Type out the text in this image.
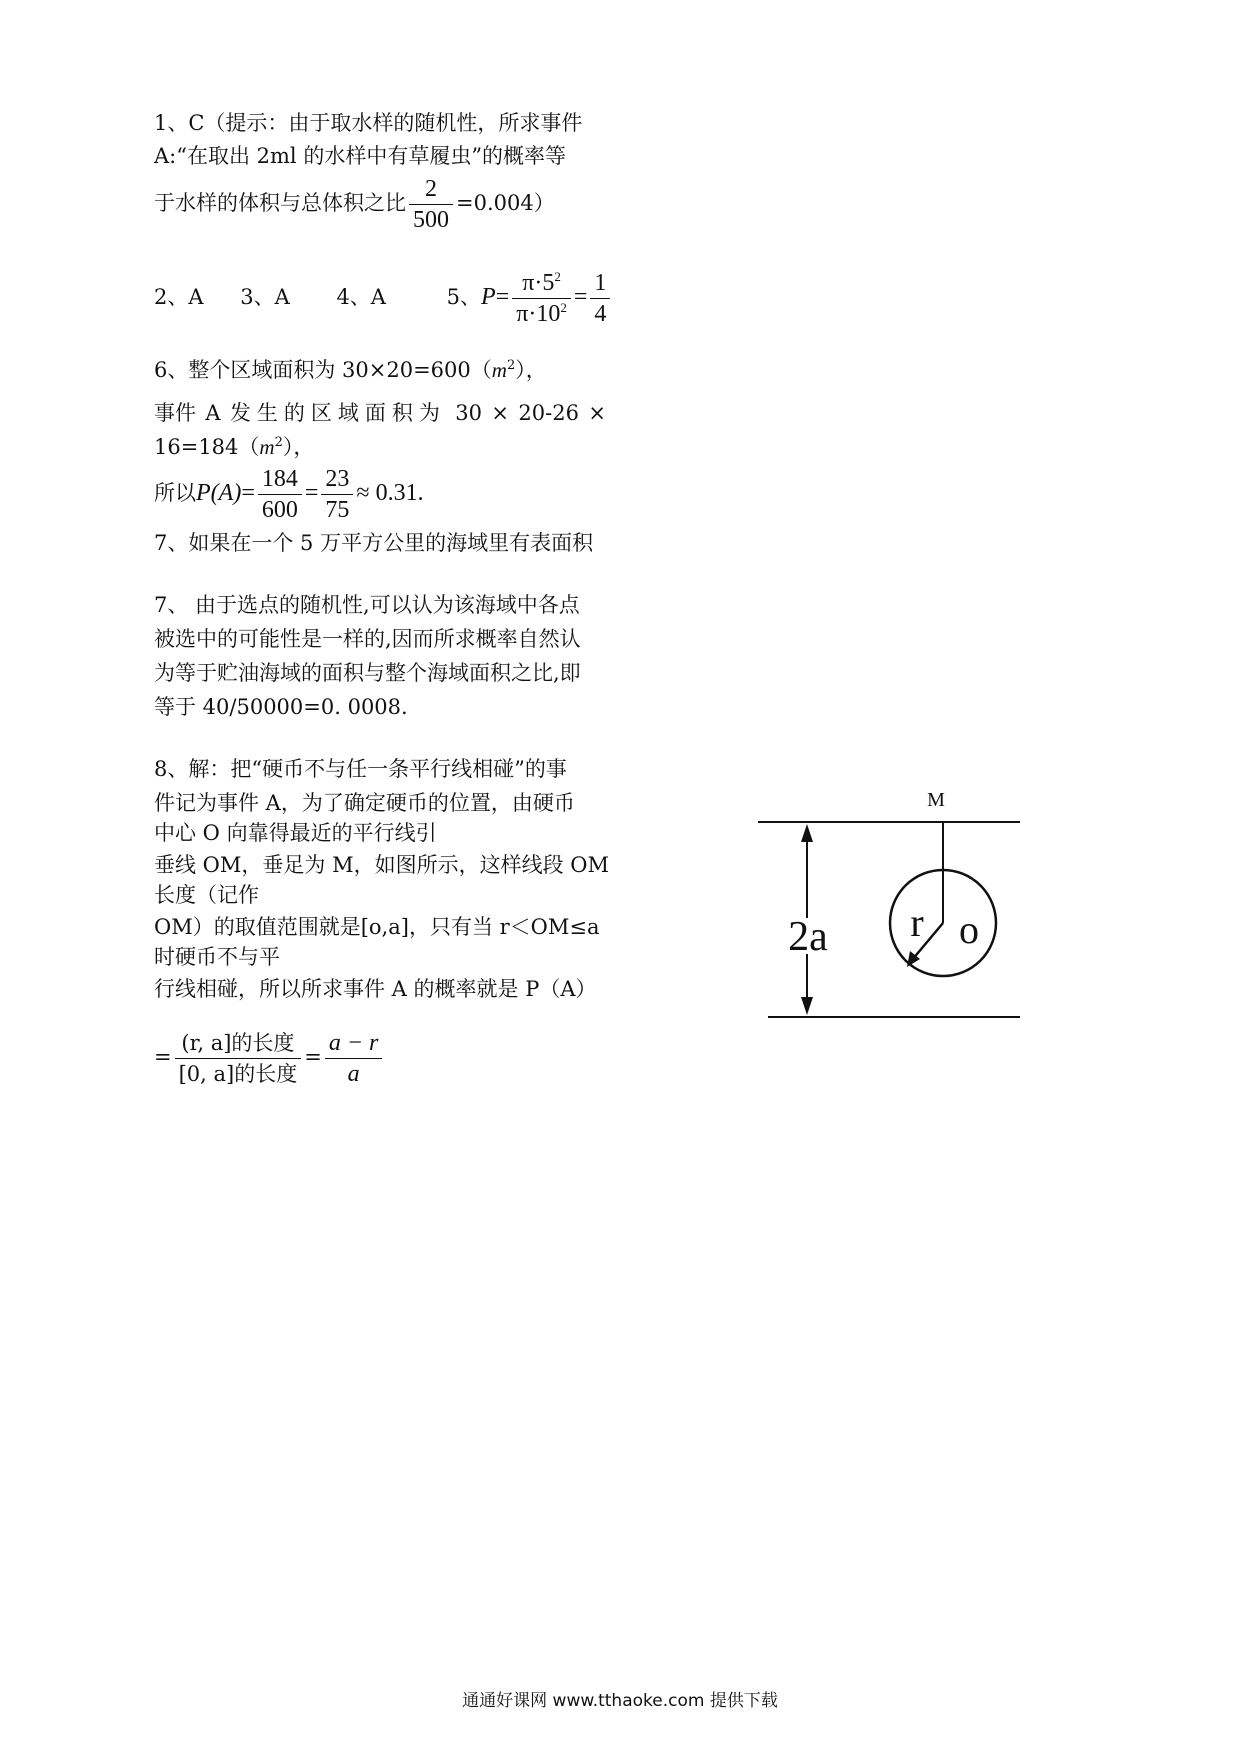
1、C（提示：由于取水样的随机性，所求事件
A:“在取出 2ml 的水样中有草履虫”的概率等
于水样的体积与总体积之比 $\frac{2}{500} =0.004$）
2、A 3、A 4、A	5、$P= \frac{\pi\cdot 5^2}{\pi\cdot 10^2} = \frac{1}{4}$
6、整个区域面积为 $30\times 20=600(m^2)$，
事件 A 发生的区域面积为 30 × 20-26 ×
$16=184(m^2)$，
所以$P(A)= \frac{184}{600} = \frac{23}{75} \approx 0.31$.
7、如果在一个 5 万平方公里的海域里有表面积
7、 由于选点的随机性,可以认为该海域中各点
被选中的可能性是一样的,因而所求概率自然认
为等于贮油海域的面积与整个海域面积之比,即
等于 40/50000=0. 0008.
8、解：把“硬币不与任一条平行线相碰”的事
件记为事件 A，为了确定硬币的位置，由硬币
中心 O 向靠得最近的平行线引
垂线 OM，垂足为 M，如图所示，这样线段 OM
长度（记作
OM）的取值范围就是[o,a]，只有当 r＜OM≤a
时硬币不与平
行线相碰，所以所求事件 A 的概率就是 P（A）
= $\frac{\text{(r, a]的长度}}{\text{[0, a]的长度}} = \frac{a - r}{a}$
2a
M
r o
通通好课网 www.tthaoke.com 提供下载
